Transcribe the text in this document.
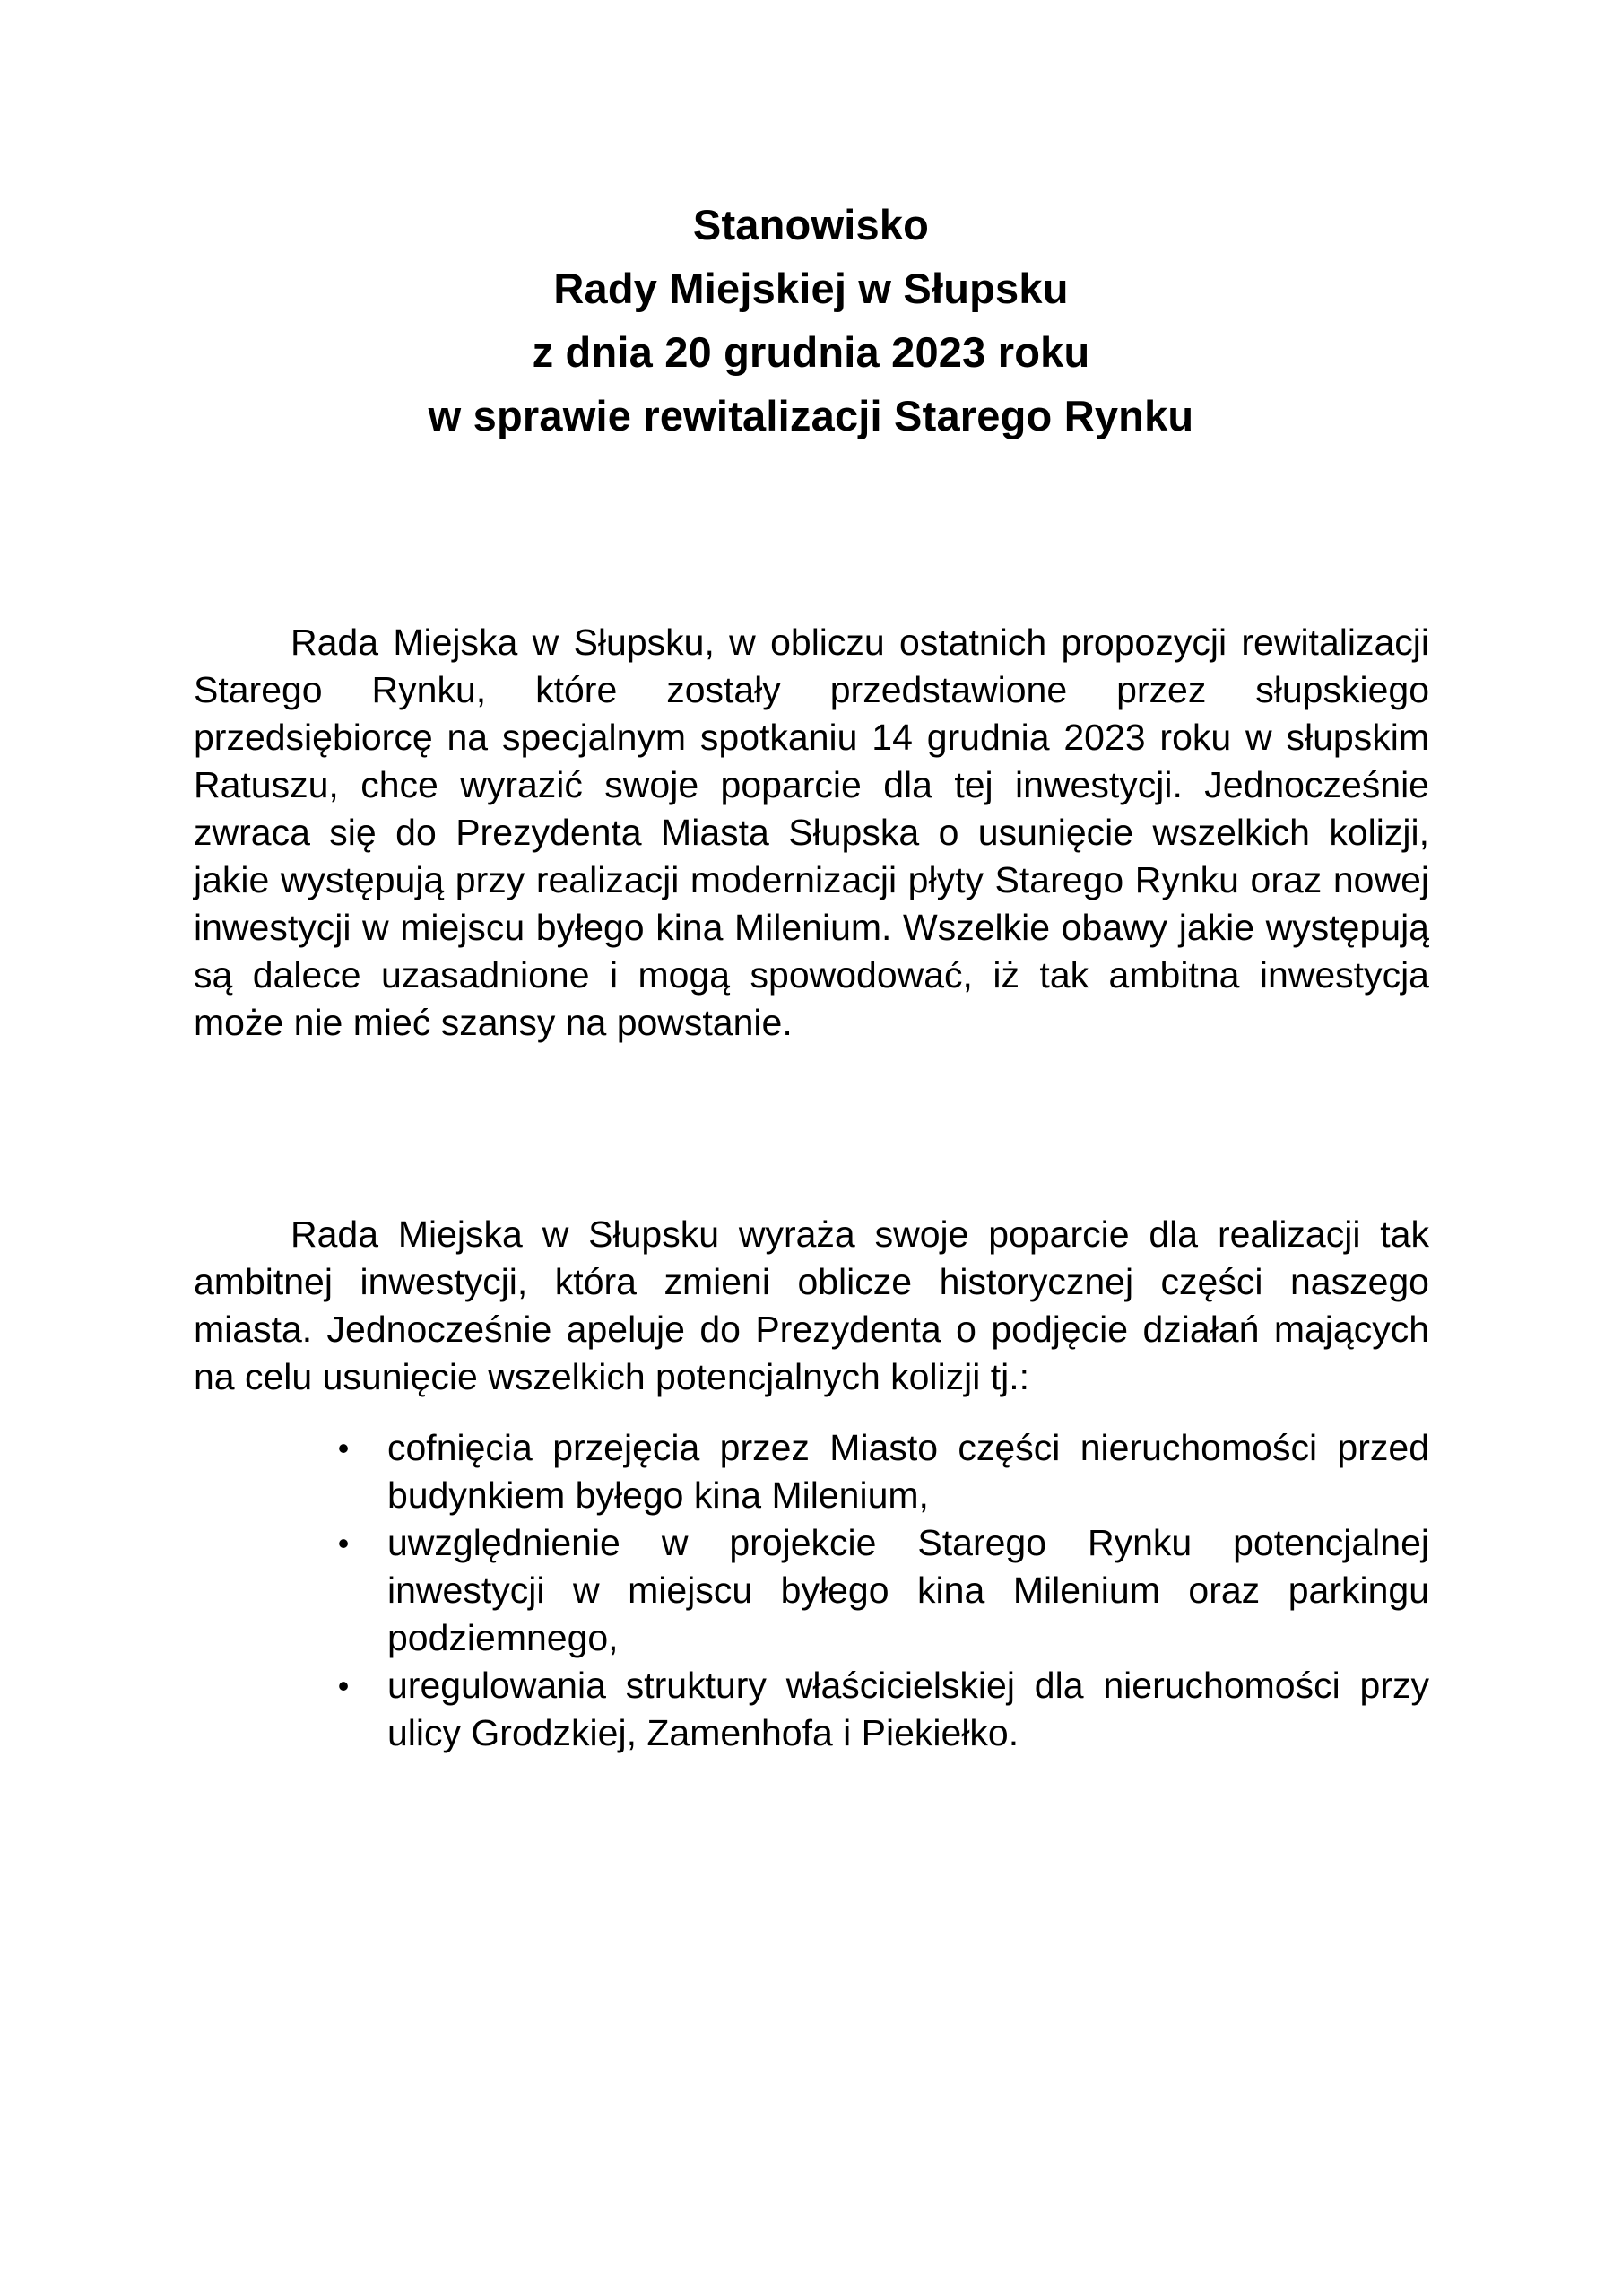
Stanowisko
Rady Miejskiej w Słupsku
z dnia 20 grudnia 2023 roku
w sprawie rewitalizacji Starego Rynku

Rada Miejska w Słupsku, w obliczu ostatnich propozycji rewitalizacji Starego Rynku, które zostały przedstawione przez słupskiego przedsiębiorcę na specjalnym spotkaniu 14 grudnia 2023 roku w słupskim Ratuszu, chce wyrazić swoje poparcie dla tej inwestycji. Jednocześnie zwraca się do Prezydenta Miasta Słupska o usunięcie wszelkich kolizji, jakie występują przy realizacji modernizacji płyty Starego Rynku oraz nowej inwestycji w miejscu byłego kina Milenium. Wszelkie obawy jakie występują są dalece uzasadnione i mogą spowodować, iż tak ambitna inwestycja może nie mieć szansy na powstanie.

Rada Miejska w Słupsku wyraża swoje poparcie dla realizacji tak ambitnej inwestycji, która zmieni oblicze historycznej części naszego miasta. Jednocześnie apeluje do Prezydenta o podjęcie działań mających na celu usunięcie wszelkich potencjalnych kolizji tj.:

• cofnięcia przejęcia przez Miasto części nieruchomości przed budynkiem byłego kina Milenium,
• uwzględnienie w projekcie Starego Rynku potencjalnej inwestycji w miejscu byłego kina Milenium oraz parkingu podziemnego,
• uregulowania struktury właścicielskiej dla nieruchomości przy ulicy Grodzkiej, Zamenhofa i Piekiełko.
